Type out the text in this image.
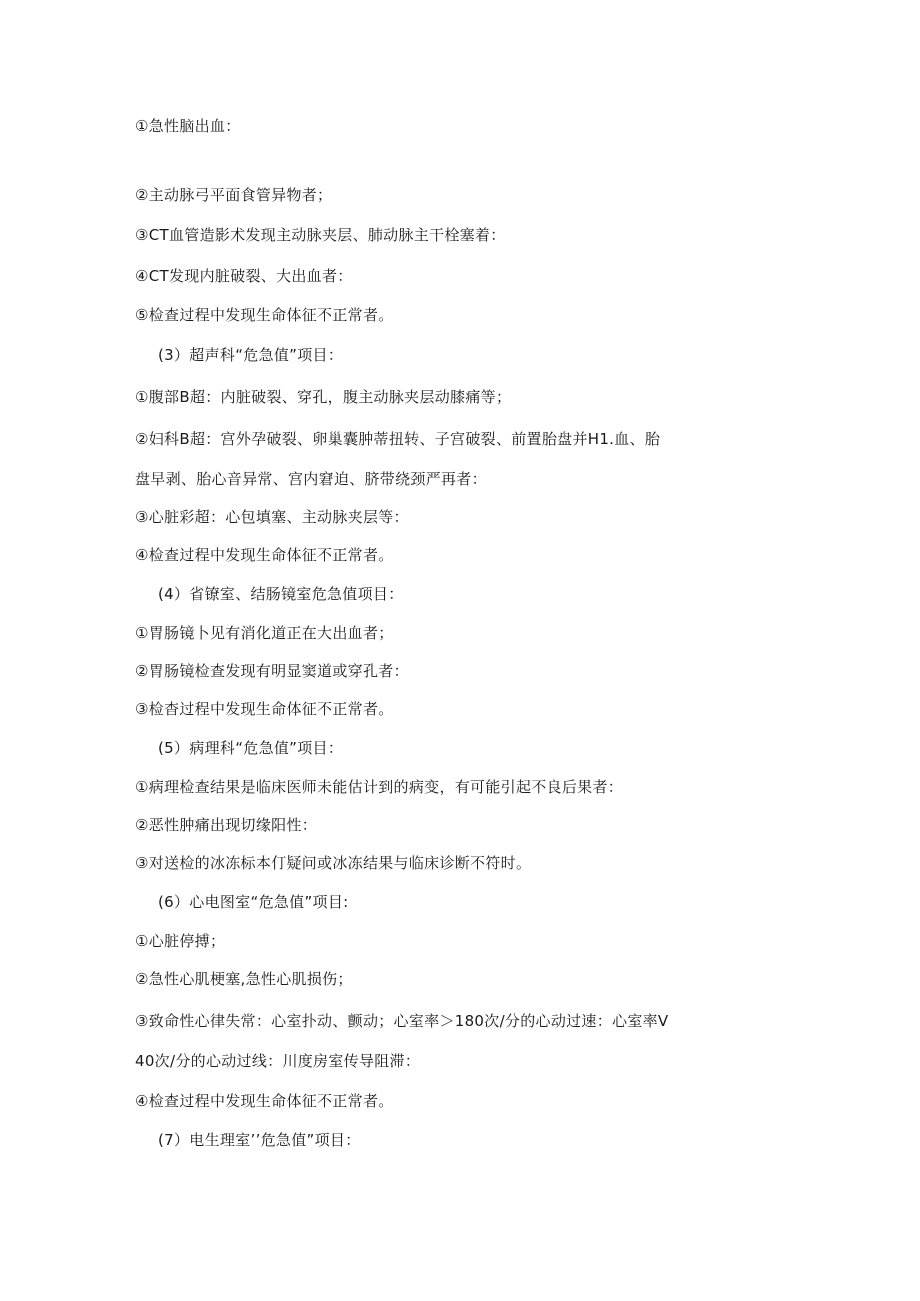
①急性脑出血：
②主动脉弓平面食管异物者；
③CT血管造影术发现主动脉夹层、肺动脉主干栓塞着：
④CT发现内脏破裂、大出血者：
⑤检查过程中发现生命体征不正常者。
(3）超声科“危急值”项目：
①腹部B超：内脏破裂、穿孔，腹主动脉夹层动膝痛等；
②妇科B超：宫外孕破裂、卵巢囊肿蒂扭转、子宫破裂、前置胎盘并H1.血、胎
盘早剥、胎心音异常、宫内窘迫、脐带绕颈严再者：
③心脏彩超：心包填塞、主动脉夹层等：
④检查过程中发现生命体征不正常者。
(4）省镣室、结肠镜室危急值项目：
①胃肠镜卜见有消化道正在大出血者；
②胃肠镜检查发现有明显窦道或穿孔者：
③检杳过程中发现生命体征不正常者。
(5）病理科“危急值”项目：
①病理检查结果是临床医师未能估计到的病变，有可能引起不良后果者：
②恶性肿痛出现切缘阳性：
③对送检的冰冻标本仃疑问或冰冻结果与临床诊断不符时。
(6）心电图室“危急值”项目:
①心脏停搏；
②急性心肌梗塞,急性心肌损伤；
③致命性心律失常：心室扑动、颤动；心室率＞180次/分的心动过速：心室率V
40次/分的心动过线：川度房室传导阻滞：
④检查过程中发现生命体征不正常者。
(7）电生理室’’危急值”项目：
